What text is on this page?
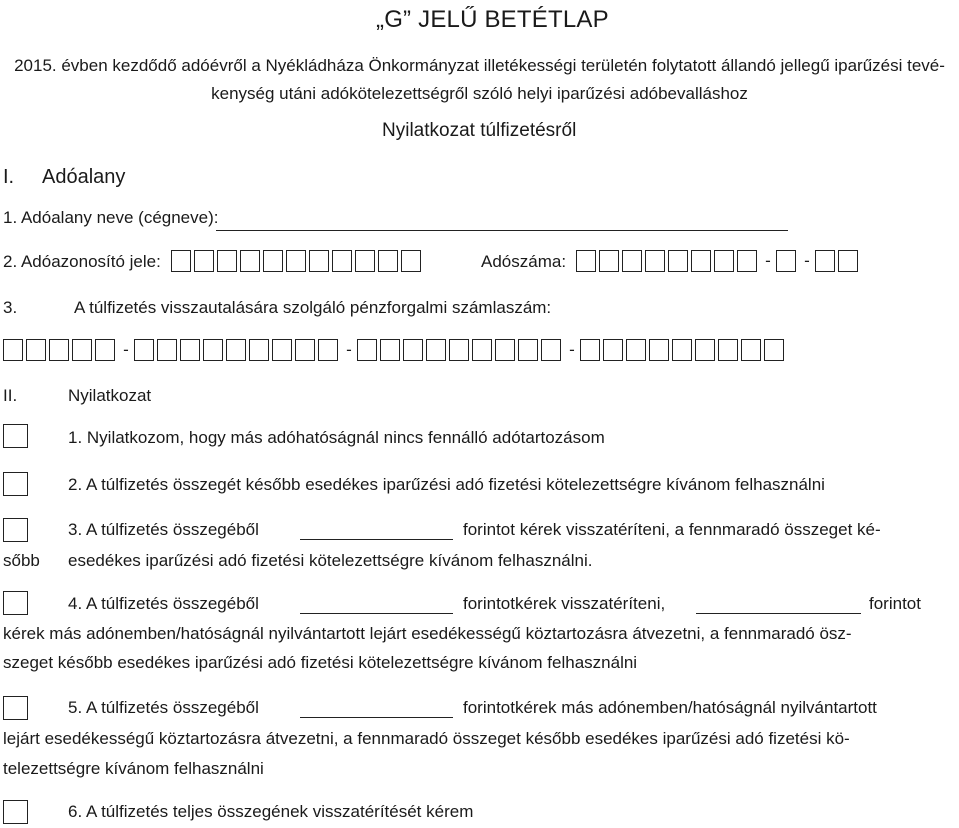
„G” JELŰ BETÉTLAP
2015. évben kezdődő adóévről a Nyékládháza Önkormányzat illetékességi területén folytatott állandó jellegű iparűzési tevé-
kenység utáni adókötelezettségről szóló helyi iparűzési adóbevalláshoz
Nyilatkozat túlfizetésről
I. Adóalany
1. Adóalany neve (cégneve):
2. Adóazonosító jele:	Adószáma:	-	-
3.	A túlfizetés visszautalására szolgáló pénzforgalmi számlaszám:
-	-	-
II.	Nyilatkozat
1. Nyilatkozom, hogy más adóhatóságnál nincs fennálló adótartozásom
2. A túlfizetés összegét később esedékes iparűzési adó fizetési kötelezettségre kívánom felhasználni
3. A túlfizetés összegéből	forintot kérek visszatéríteni, a fennmaradó összeget ké-
sőbb esedékes iparűzési adó fizetési kötelezettségre kívánom felhasználni.
4. A túlfizetés összegéből	forintotkérek visszatéríteni,	forintot
kérek más adónemben/hatóságnál nyilvántartott lejárt esedékességű köztartozásra átvezetni, a fennmaradó ösz-
szeget később esedékes iparűzési adó fizetési kötelezettségre kívánom felhasználni
5. A túlfizetés összegéből	forintotkérek más adónemben/hatóságnál nyilvántartott
lejárt esedékességű köztartozásra átvezetni, a fennmaradó összeget később esedékes iparűzési adó fizetési kö-
telezettségre kívánom felhasználni
6. A túlfizetés teljes összegének visszatérítését kérem
